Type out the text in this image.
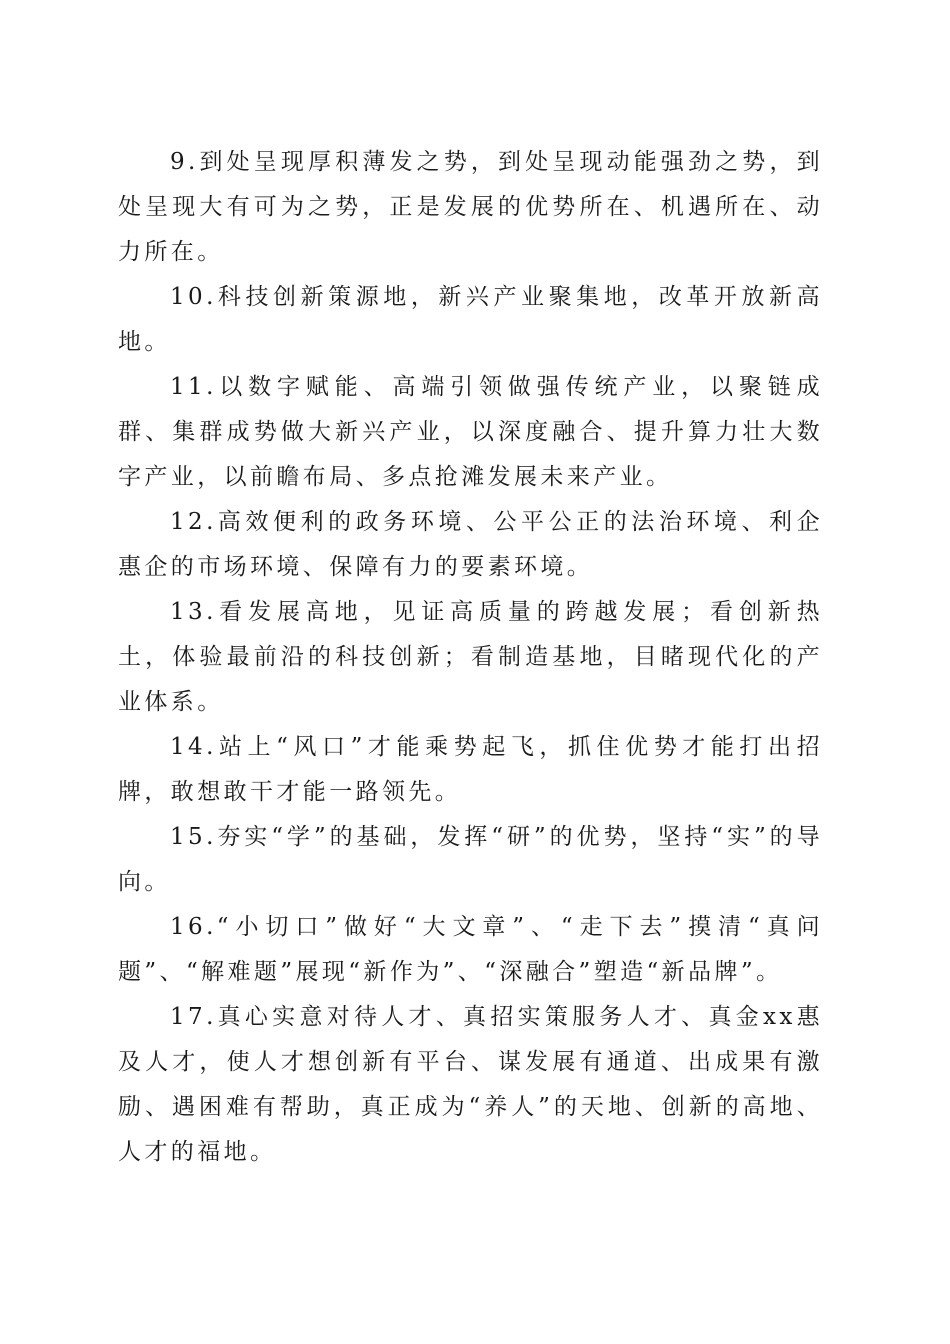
9.到处呈现厚积薄发之势，到处呈现动能强劲之势，到处呈现大有可为之势，正是发展的优势所在、机遇所在、动力所在。

10.科技创新策源地，新兴产业聚集地，改革开放新高地。

11.以数字赋能、高端引领做强传统产业，以聚链成群、集群成势做大新兴产业，以深度融合、提升算力壮大数字产业，以前瞻布局、多点抢滩发展未来产业。

12.高效便利的政务环境、公平公正的法治环境、利企惠企的市场环境、保障有力的要素环境。

13.看发展高地，见证高质量的跨越发展；看创新热土，体验最前沿的科技创新；看制造基地，目睹现代化的产业体系。

14.站上“风口”才能乘势起飞，抓住优势才能打出招牌，敢想敢干才能一路领先。

15.夯实“学”的基础，发挥“研”的优势，坚持“实”的导向。

16.“小切口”做好“大文章”、“走下去”摸清“真问题”、“解难题”展现“新作为”、“深融合”塑造“新品牌”。

17.真心实意对待人才、真招实策服务人才、真金xx惠及人才，使人才想创新有平台、谋发展有通道、出成果有激励、遇困难有帮助，真正成为“养人”的天地、创新的高地、人才的福地。
